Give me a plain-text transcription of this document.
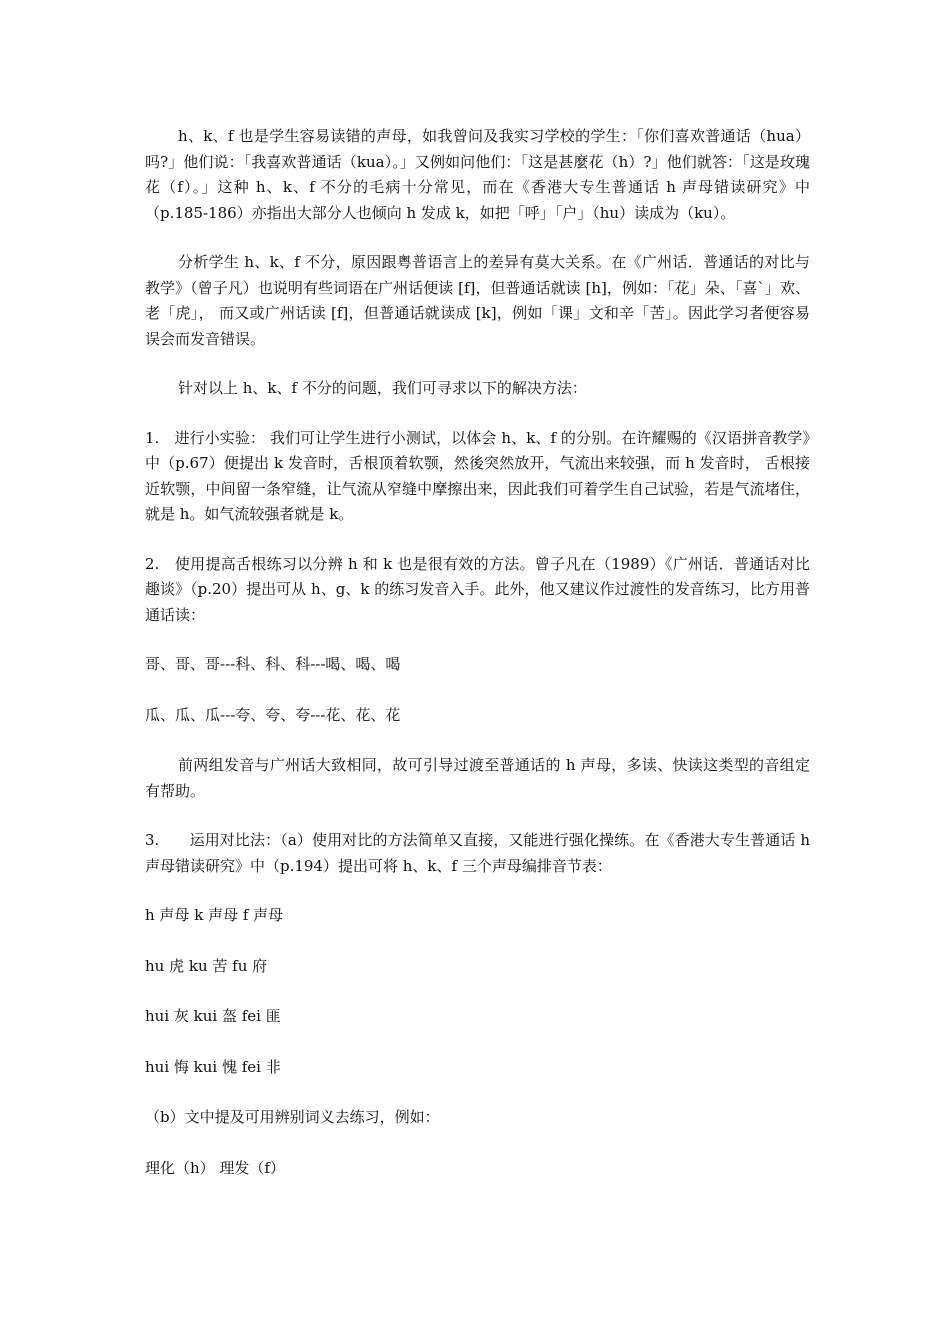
h、k、f 也是学生容易读错的声母，如我曾问及我实习学校的学生：「你们喜欢普通话（hua）吗?」他们说：「我喜欢普通话（kua）。」又例如问他们：「这是甚麼花（h）?」他们就答：「这是玫瑰花（f）。」这种 h、k、f 不分的毛病十分常见，而在《香港大专生普通话 h 声母错读研究》中（p.185-186）亦指出大部分人也倾向 h 发成 k，如把「呼」「户」（hu）读成为（ku）。

分析学生 h、k、f 不分，原因跟粤普语言上的差异有莫大关系。在《广州话．普通话的对比与教学》（曾子凡）也说明有些词语在广州话便读 [f]，但普通话就读 [h]，例如：「花」朵、「喜`」欢、老「虎」， 而又或广州话读 [f]，但普通话就读成 [k]，例如「课」文和辛「苦」。因此学习者便容易误会而发音错误。

针对以上 h、k、f 不分的问题，我们可寻求以下的解决方法：

1.　进行小实验： 我们可让学生进行小测试，以体会 h、k、f 的分别。在许耀赐的《汉语拼音教学》中（p.67）便提出 k 发音时，舌根顶着软颚，然後突然放开，气流出来较强，而 h 发音时， 舌根接近软颚，中间留一条窄缝，让气流从窄缝中摩擦出来，因此我们可着学生自己试验，若是气流堵住，就是 h。如气流较强者就是 k。

2.　使用提高舌根练习以分辨 h 和 k 也是很有效的方法。曾子凡在（1989）《广州话．普通话对比趣谈》（p.20）提出可从 h、g、k 的练习发音入手。此外，他又建议作过渡性的发音练习，比方用普通话读：

哥、哥、哥---科、科、科---喝、喝、喝

瓜、瓜、瓜---夸、夸、夸---花、花、花

前两组发音与广州话大致相同，故可引导过渡至普通话的 h 声母，多读、快读这类型的音组定有帮助。

3.　　运用对比法：（a）使用对比的方法简单又直接，又能进行强化操练。在《香港大专生普通话 h 声母错读研究》中（p.194）提出可将 h、k、f 三个声母编排音节表：

h 声母 k 声母 f 声母

hu 虎 ku 苦 fu 府

hui 灰 kui 盔 fei 匪

hui 悔 kui 愧 fei 非

（b）文中提及可用辨别词义去练习，例如：

理化（h） 理发（f）
